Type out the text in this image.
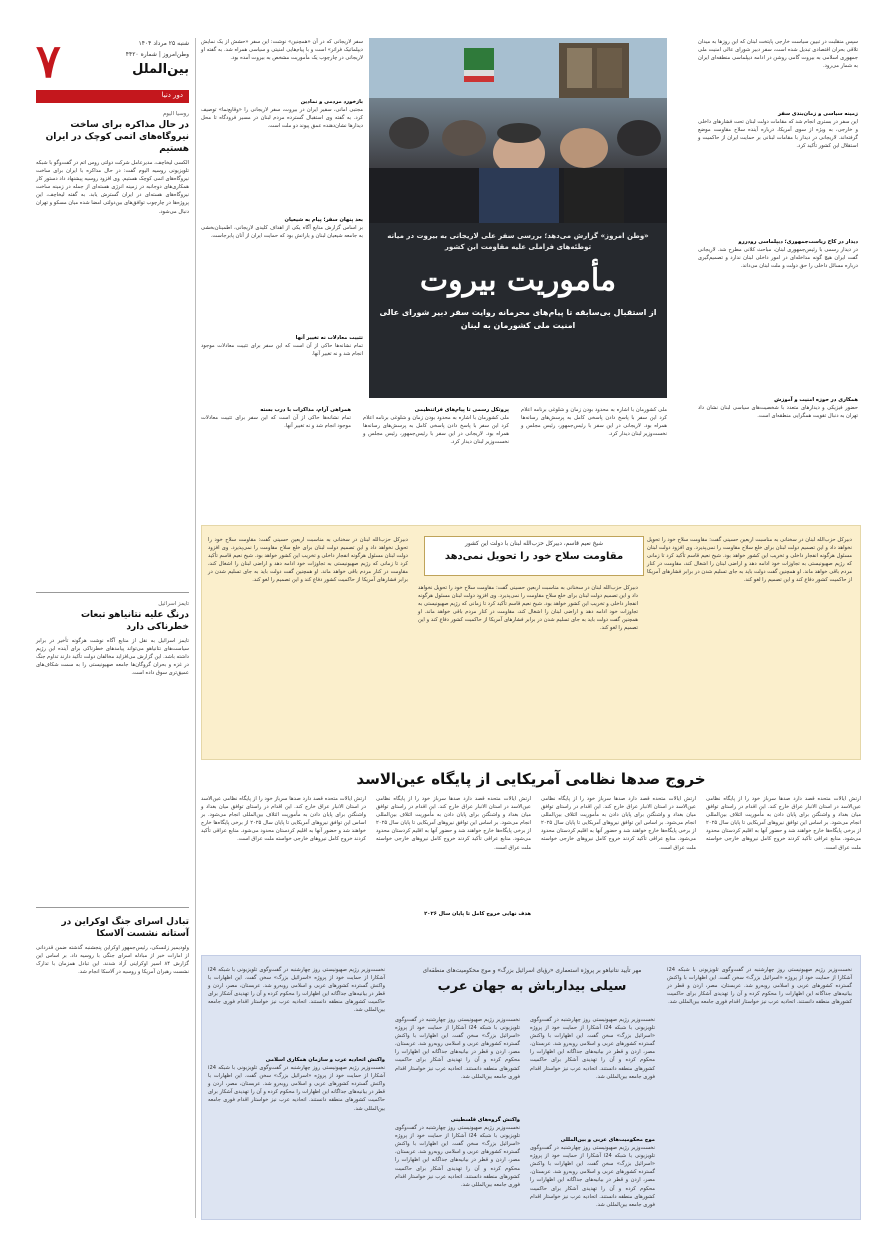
۷	شنبه ۲۵ مرداد ۱۴۰۴
وطن‌امروز | شماره ۴۴۲۰
بین‌الملل
دور دنیا
روسیا الیوم
در حال مذاکره برای ساخت نیروگاه‌های اتمی کوچک در ایران هستیم
الکسی لیخاچف، مدیرعامل شرکت دولتی روس اتم در گفت‌وگو با شبکه تلویزیونی روسیه الیوم گفت: در حال مذاکره با ایران برای ساخت نیروگاه‌های اتمی کوچک هستیم. وی افزود روسیه پیشنهاد داد دستور کار همکاری‌های دوجانبه در زمینه انرژی هسته‌ای از جمله در زمینه ساخت نیروگاه‌های هسته‌ای در ایران گسترش یابد. به گفته لیخاچف، این پروژه‌ها در چارچوب توافق‌های بین‌دولتی امضا شده میان مسکو و تهران دنبال می‌شود.
تایمز اسرائیل
درنگ علیه نتانیاهو تبعات خطرناکی دارد
تایمز اسرائیل به نقل از منابع آگاه نوشت هرگونه تأخیر در برابر سیاست‌های نتانیاهو می‌تواند پیامدهای خطرناکی برای آینده این رژیم داشته باشد. این گزارش می‌افزاید مخالفان دولت تأکید دارند تداوم جنگ در غزه و بحران گروگان‌ها جامعه صهیونیستی را به سمت شکاف‌های عمیق‌تری سوق داده است.
تبادل اسرای جنگ اوکراین در آستانه نشست آلاسکا
ولودیمیر زلنسکی، رئیس‌جمهور اوکراین پنجشنبه گذشته ضمن قدردانی از امارات خبر از مبادله اسرای جنگی با روسیه داد. بر اساس این گزارش ۸۴ اسیر اوکراینی آزاد شدند. این تبادل همزمان با تدارک نشست رهبران آمریکا و روسیه در آلاسکا انجام شد.
سپس منقلبت در تبیین سیاست خارجی پایتخت لبنان که این روزها به میدان تلاقی بحران اقتصادی تبدیل شده است، سفر دبیر شورای عالی امنیت ملی جمهوری اسلامی به بیروت گامی روشن در ادامه دیپلماسی منطقه‌ای ایران به شمار می‌رود.
زمینه سیاسی و زمان‌بندی سفر
این سفر در بستری انجام شد که مقامات دولت لبنان تحت فشارهای داخلی و خارجی، به ویژه از سوی آمریکا، درباره آینده سلاح مقاومت موضع گرفته‌اند. لاریجانی در دیدار با مقامات لبنانی بر حمایت ایران از حاکمیت و استقلال این کشور تأکید کرد.
دیدار در کاخ ریاست‌جمهوری؛ دیپلماسی رودررو
در دیدار رسمی با رئیس‌جمهوری لبنان، مباحث کلانی مطرح شد. لاریجانی گفت ایران هیچ گونه مداخله‌ای در امور داخلی لبنان ندارد و تصمیم‌گیری درباره مسائل داخلی را حق دولت و ملت لبنان می‌داند.
همکاری در حوزه امنیت و آموزش
حضور فیزیکی و دیدارهای متعدد با شخصیت‌های سیاسی لبنان نشان داد تهران به دنبال تقویت همگرایی منطقه‌ای است.
«وطن امروز» گزارش می‌دهد؛ بررسی سفر علی لاریجانی به بیروت در میانه توطئه‌های فراملی علیه مقاومت این کشور
مأموریت بیروت
از استقبال بی‌سابقه تا پیام‌های محرمانه روایت سفر دبیر شورای عالی امنیت ملی کشورمان به لبنان
سفر لاریجانی که در آن «همچنین» نوشت: این سفر «حشش از یک نمایش دیپلماتیک فراتر» است و با پیام‌هایی امنیتی و سیاسی همراه شد. به گفته او لاریجانی در چارچوب یک مأموریت مشخص به بیروت آمده بود.
بازخورد مردمی و نمادین
مجتبی امانی، سفیر ایران در بیروت، سفر لاریجانی را «وقایع‌نما» توصیف کرد. به گفته وی استقبال گسترده مردم لبنان در مسیر فرودگاه تا محل دیدارها نشان‌دهنده عمق پیوند دو ملت است.
بعد پنهان سفر؛ پیام به شیعیان
بر اساس گزارش منابع آگاه یکی از اهداف کلیدی لاریجانی، اطمینان‌بخشی به جامعه شیعیان لبنان و یارانش بود که حمایت ایران از آنان پابرجاست.
تثبیت معادلات نه تغییر آنها
تمام نشانه‌ها حاکی از آن است که این سفر برای تثبیت معادلات موجود انجام شد و نه تغییر آنها.
ملی کشورمان با اشاره به محدود بودن زمان و شلوغی برنامه اعلام کرد این سفر با پاسخ دادن پاسخی کامل به پرسش‌های رسانه‌ها همراه بود. لاریجانی در این سفر با رئیس‌جمهور، رئیس مجلس و نخست‌وزیر لبنان دیدار کرد.
پروتکل رسمی تا پیام‌های فراتنظیمی
ملی کشورمان با اشاره به محدود بودن زمان و شلوغی برنامه اعلام کرد این سفر با پاسخ دادن پاسخی کامل به پرسش‌های رسانه‌ها همراه بود. لاریجانی در این سفر با رئیس‌جمهور، رئیس مجلس و نخست‌وزیر لبنان دیدار کرد.
همراهی آرام، مذاکرات با درب بسته
تمام نشانه‌ها حاکی از آن است که این سفر برای تثبیت معادلات موجود انجام شد و نه تغییر آنها.
شیخ نعیم قاسم، دبیرکل حزب‌الله لبنان با دولت این کشور
مقاومت سلاح خود را تحویل نمی‌دهد
دبیرکل حزب‌الله لبنان در سخنانی به مناسبت اربعین حسینی گفت: مقاومت سلاح خود را تحویل نخواهد داد و این تصمیم دولت لبنان برای خلع سلاح مقاومت را نمی‌پذیرد. وی افزود دولت لبنان مسئول هرگونه انفجار داخلی و تخریب این کشور خواهد بود. شیخ نعیم قاسم تأکید کرد تا زمانی که رژیم صهیونیستی به تجاوزات خود ادامه دهد و اراضی لبنان را اشغال کند، مقاومت در کنار مردم باقی خواهد ماند. او همچنین گفت دولت باید به جای تسلیم شدن در برابر فشارهای آمریکا از حاکمیت کشور دفاع کند و این تصمیم را لغو کند.
دبیرکل حزب‌الله لبنان در سخنانی به مناسبت اربعین حسینی گفت: مقاومت سلاح خود را تحویل نخواهد داد و این تصمیم دولت لبنان برای خلع سلاح مقاومت را نمی‌پذیرد. وی افزود دولت لبنان مسئول هرگونه انفجار داخلی و تخریب این کشور خواهد بود. شیخ نعیم قاسم تأکید کرد تا زمانی که رژیم صهیونیستی به تجاوزات خود ادامه دهد و اراضی لبنان را اشغال کند، مقاومت در کنار مردم باقی خواهد ماند. او همچنین گفت دولت باید به جای تسلیم شدن در برابر فشارهای آمریکا از حاکمیت کشور دفاع کند و این تصمیم را لغو کند.
دبیرکل حزب‌الله لبنان در سخنانی به مناسبت اربعین حسینی گفت: مقاومت سلاح خود را تحویل نخواهد داد و این تصمیم دولت لبنان برای خلع سلاح مقاومت را نمی‌پذیرد. وی افزود دولت لبنان مسئول هرگونه انفجار داخلی و تخریب این کشور خواهد بود. شیخ نعیم قاسم تأکید کرد تا زمانی که رژیم صهیونیستی به تجاوزات خود ادامه دهد و اراضی لبنان را اشغال کند، مقاومت در کنار مردم باقی خواهد ماند. او همچنین گفت دولت باید به جای تسلیم شدن در برابر فشارهای آمریکا از حاکمیت کشور دفاع کند و این تصمیم را لغو کند.
خروج صدها نظامی آمریکایی از پایگاه عین‌الاسد
ارتش ایالات متحده قصد دارد صدها سرباز خود را از پایگاه نظامی عین‌الاسد در استان الانبار عراق خارج کند. این اقدام در راستای توافق میان بغداد و واشنگتن برای پایان دادن به مأموریت ائتلاف بین‌المللی انجام می‌شود. بر اساس این توافق نیروهای آمریکایی تا پایان سال ۲۰۲۵ از برخی پایگاه‌ها خارج خواهند شد و حضور آنها به اقلیم کردستان محدود می‌شود. منابع عراقی تأکید کردند خروج کامل نیروهای خارجی خواسته ملت عراق است.
ارتش ایالات متحده قصد دارد صدها سرباز خود را از پایگاه نظامی عین‌الاسد در استان الانبار عراق خارج کند. این اقدام در راستای توافق میان بغداد و واشنگتن برای پایان دادن به مأموریت ائتلاف بین‌المللی انجام می‌شود. بر اساس این توافق نیروهای آمریکایی تا پایان سال ۲۰۲۵ از برخی پایگاه‌ها خارج خواهند شد و حضور آنها به اقلیم کردستان محدود می‌شود. منابع عراقی تأکید کردند خروج کامل نیروهای خارجی خواسته ملت عراق است.
ارتش ایالات متحده قصد دارد صدها سرباز خود را از پایگاه نظامی عین‌الاسد در استان الانبار عراق خارج کند. این اقدام در راستای توافق میان بغداد و واشنگتن برای پایان دادن به مأموریت ائتلاف بین‌المللی انجام می‌شود. بر اساس این توافق نیروهای آمریکایی تا پایان سال ۲۰۲۵ از برخی پایگاه‌ها خارج خواهند شد و حضور آنها به اقلیم کردستان محدود می‌شود. منابع عراقی تأکید کردند خروج کامل نیروهای خارجی خواسته ملت عراق است.
هدف نهایی خروج کامل تا پایان سال ۲۰۲۶
ارتش ایالات متحده قصد دارد صدها سرباز خود را از پایگاه نظامی عین‌الاسد در استان الانبار عراق خارج کند. این اقدام در راستای توافق میان بغداد و واشنگتن برای پایان دادن به مأموریت ائتلاف بین‌المللی انجام می‌شود. بر اساس این توافق نیروهای آمریکایی تا پایان سال ۲۰۲۵ از برخی پایگاه‌ها خارج خواهند شد و حضور آنها به اقلیم کردستان محدود می‌شود. منابع عراقی تأکید کردند خروج کامل نیروهای خارجی خواسته ملت عراق است.
مهر تأیید نتانیاهو بر پروژه استعماری «رؤیای اسرائیل بزرگ» و موج محکومیت‌های منطقه‌ای
سیلی بیدارباش به جهان عرب
نخست‌وزیر رژیم صهیونیستی روز چهارشنبه در گفت‌وگوی تلویزیونی با شبکه i24 آشکارا از حمایت خود از پروژه «اسرائیل بزرگ» سخن گفت. این اظهارات با واکنش گسترده کشورهای عربی و اسلامی روبه‌رو شد. عربستان، مصر، اردن و قطر در بیانیه‌های جداگانه این اظهارات را محکوم کرده و آن را تهدیدی آشکار برای حاکمیت کشورهای منطقه دانستند. اتحادیه عرب نیز خواستار اقدام فوری جامعه بین‌المللی شد.
نخست‌وزیر رژیم صهیونیستی روز چهارشنبه در گفت‌وگوی تلویزیونی با شبکه i24 آشکارا از حمایت خود از پروژه «اسرائیل بزرگ» سخن گفت. این اظهارات با واکنش گسترده کشورهای عربی و اسلامی روبه‌رو شد. عربستان، مصر، اردن و قطر در بیانیه‌های جداگانه این اظهارات را محکوم کرده و آن را تهدیدی آشکار برای حاکمیت کشورهای منطقه دانستند. اتحادیه عرب نیز خواستار اقدام فوری جامعه بین‌المللی شد.
موج محکومیت‌های عربی و بین‌المللی
نخست‌وزیر رژیم صهیونیستی روز چهارشنبه در گفت‌وگوی تلویزیونی با شبکه i24 آشکارا از حمایت خود از پروژه «اسرائیل بزرگ» سخن گفت. این اظهارات با واکنش گسترده کشورهای عربی و اسلامی روبه‌رو شد. عربستان، مصر، اردن و قطر در بیانیه‌های جداگانه این اظهارات را محکوم کرده و آن را تهدیدی آشکار برای حاکمیت کشورهای منطقه دانستند. اتحادیه عرب نیز خواستار اقدام فوری جامعه بین‌المللی شد.
نخست‌وزیر رژیم صهیونیستی روز چهارشنبه در گفت‌وگوی تلویزیونی با شبکه i24 آشکارا از حمایت خود از پروژه «اسرائیل بزرگ» سخن گفت. این اظهارات با واکنش گسترده کشورهای عربی و اسلامی روبه‌رو شد. عربستان، مصر، اردن و قطر در بیانیه‌های جداگانه این اظهارات را محکوم کرده و آن را تهدیدی آشکار برای حاکمیت کشورهای منطقه دانستند. اتحادیه عرب نیز خواستار اقدام فوری جامعه بین‌المللی شد.
واکنش گروه‌های فلسطینی
نخست‌وزیر رژیم صهیونیستی روز چهارشنبه در گفت‌وگوی تلویزیونی با شبکه i24 آشکارا از حمایت خود از پروژه «اسرائیل بزرگ» سخن گفت. این اظهارات با واکنش گسترده کشورهای عربی و اسلامی روبه‌رو شد. عربستان، مصر، اردن و قطر در بیانیه‌های جداگانه این اظهارات را محکوم کرده و آن را تهدیدی آشکار برای حاکمیت کشورهای منطقه دانستند. اتحادیه عرب نیز خواستار اقدام فوری جامعه بین‌المللی شد.
نخست‌وزیر رژیم صهیونیستی روز چهارشنبه در گفت‌وگوی تلویزیونی با شبکه i24 آشکارا از حمایت خود از پروژه «اسرائیل بزرگ» سخن گفت. این اظهارات با واکنش گسترده کشورهای عربی و اسلامی روبه‌رو شد. عربستان، مصر، اردن و قطر در بیانیه‌های جداگانه این اظهارات را محکوم کرده و آن را تهدیدی آشکار برای حاکمیت کشورهای منطقه دانستند. اتحادیه عرب نیز خواستار اقدام فوری جامعه بین‌المللی شد.
واکنش اتحادیه عرب و سازمان همکاری اسلامی
نخست‌وزیر رژیم صهیونیستی روز چهارشنبه در گفت‌وگوی تلویزیونی با شبکه i24 آشکارا از حمایت خود از پروژه «اسرائیل بزرگ» سخن گفت. این اظهارات با واکنش گسترده کشورهای عربی و اسلامی روبه‌رو شد. عربستان، مصر، اردن و قطر در بیانیه‌های جداگانه این اظهارات را محکوم کرده و آن را تهدیدی آشکار برای حاکمیت کشورهای منطقه دانستند. اتحادیه عرب نیز خواستار اقدام فوری جامعه بین‌المللی شد.
